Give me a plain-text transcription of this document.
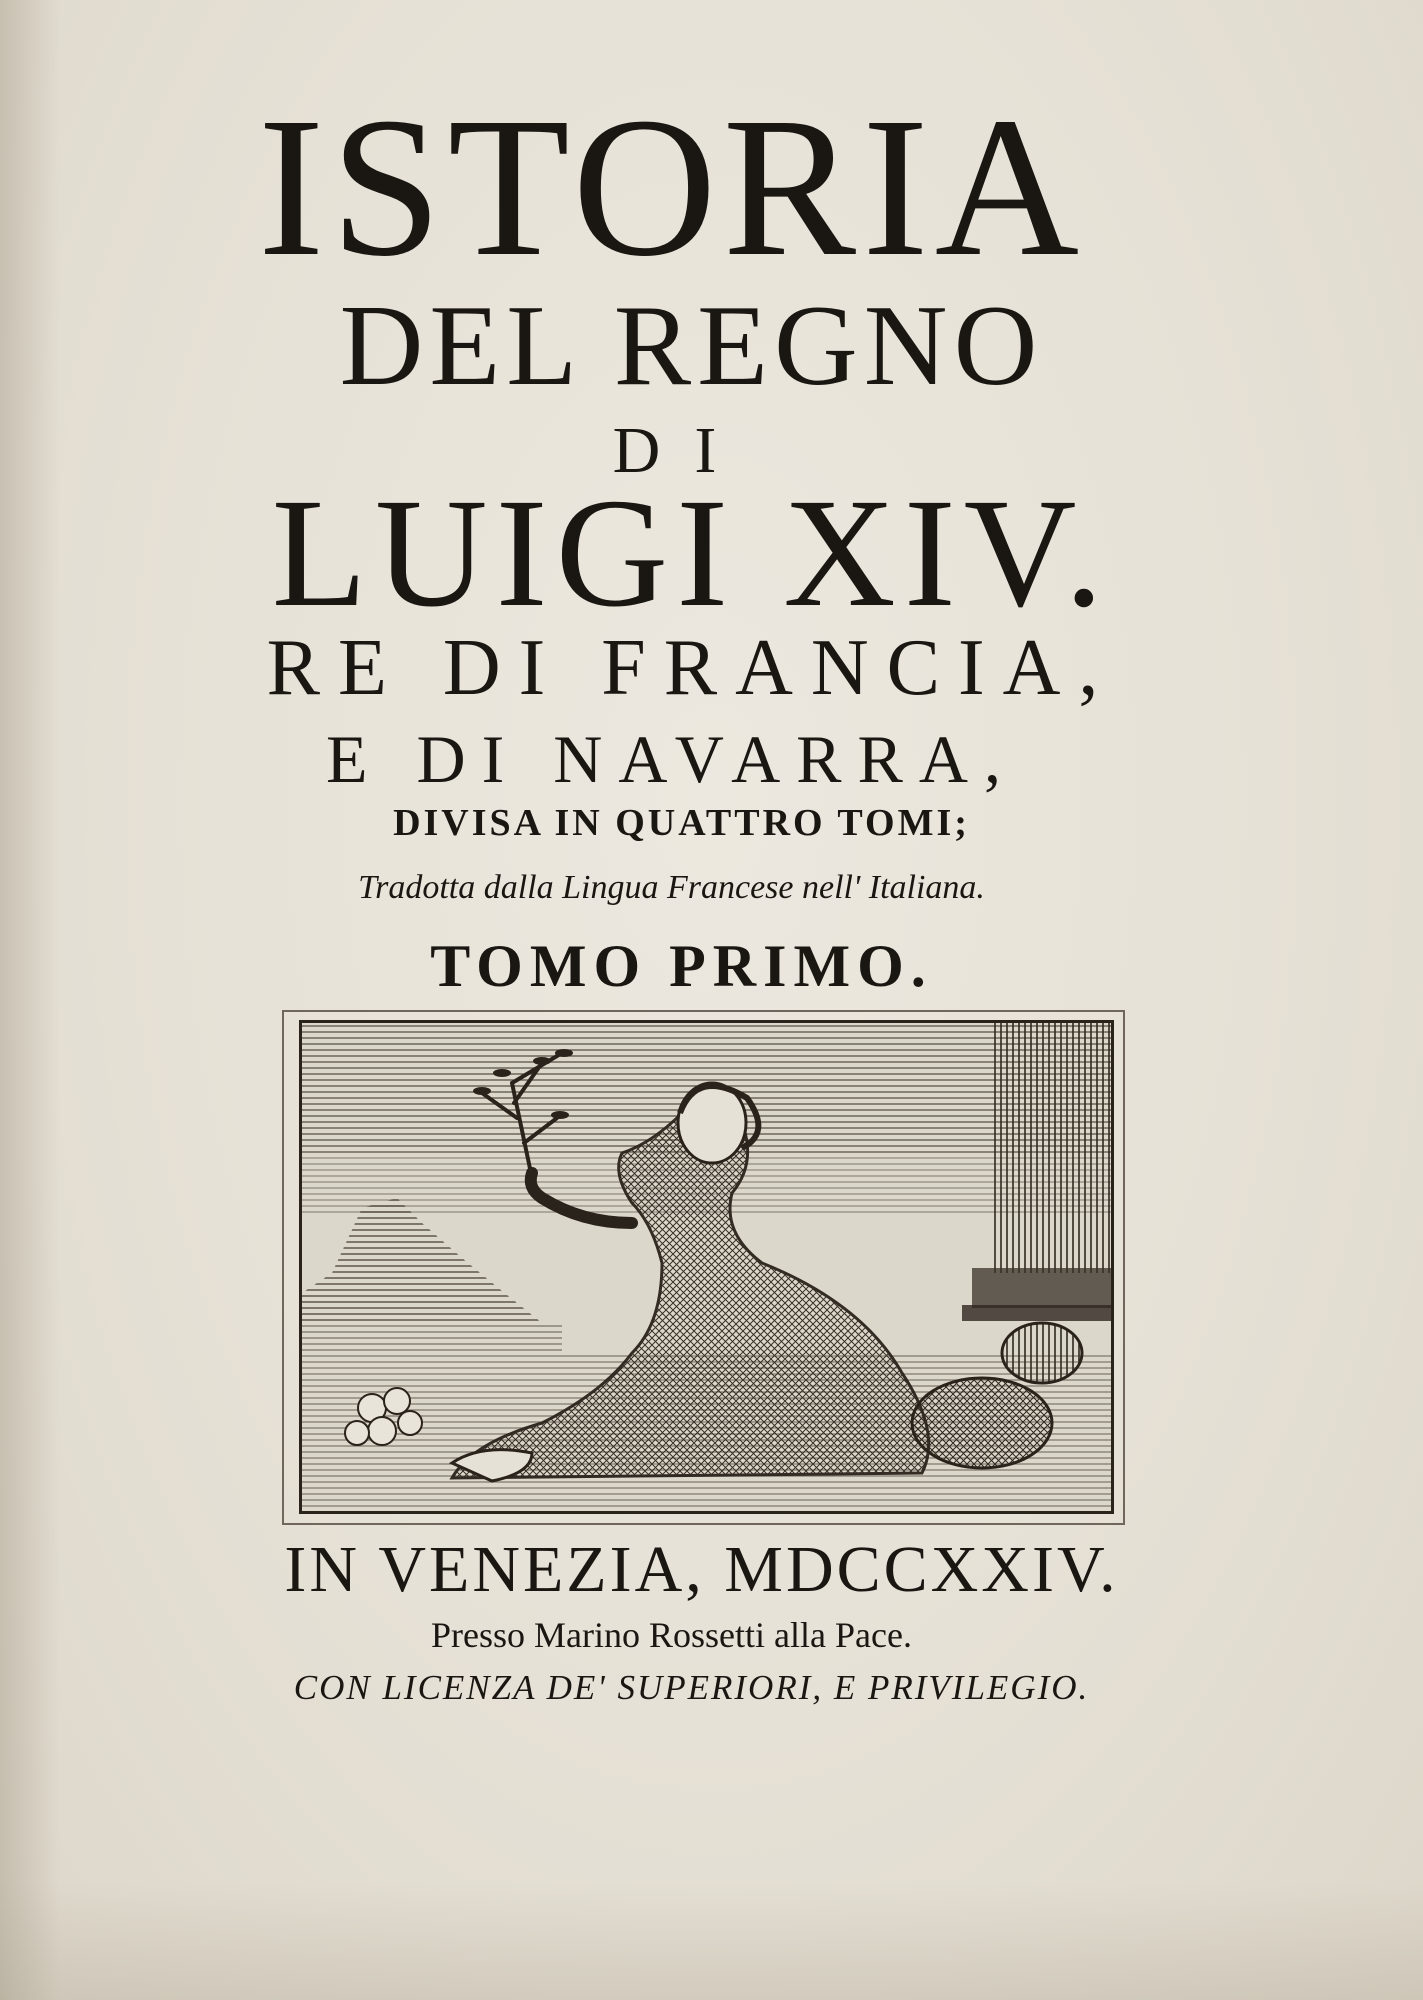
ISTORIA
DEL REGNO
DI
LUIGI XIV.
RE DI FRANCIA,
E DI NAVARRA,
DIVISA IN QUATTRO TOMI;
Tradotta dalla Lingua Francese nell' Italiana.
TOMO PRIMO.
IN VENEZIA, MDCCXXIV.
Presso Marino Rossetti alla Pace.
CON LICENZA DE' SUPERIORI, E PRIVILEGIO.
